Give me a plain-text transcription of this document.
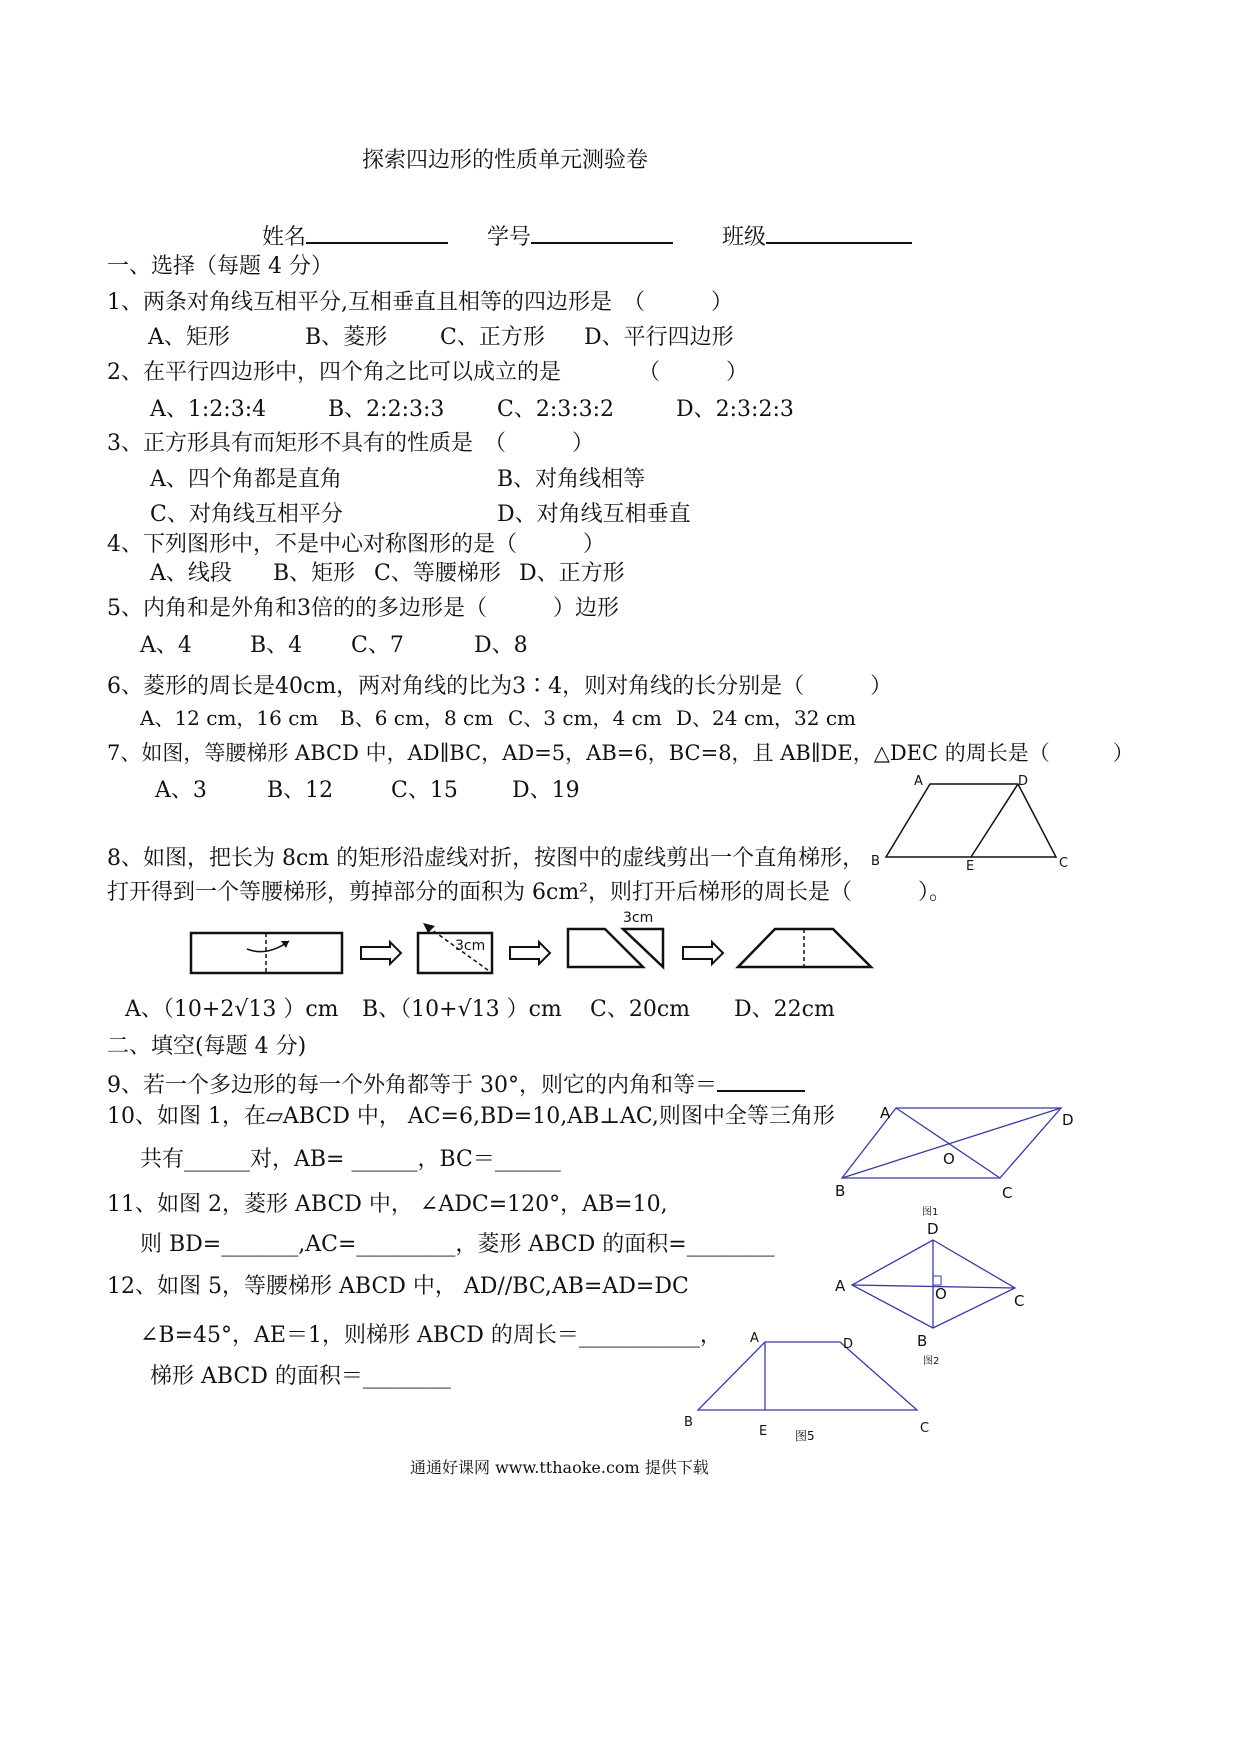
探索四边形的性质单元测验卷
姓名	学号	班级
一、选择（每题 4 分）
1、两条对角线互相平分,互相垂直且相等的四边形是　（　　　）
A、矩形	B、菱形 C、正方形 D、平行四边形
2、在平行四边形中，四个角之比可以成立的是　　　　（　　　）
A、1:2:3:4	B、2:2:3:3 C、2:3:3:2	D、2:3:2:3
3、正方形具有而矩形不具有的性质是　（　　　）
A、四个角都是直角	B、对角线相等
C、对角线互相平分	D、对角线互相垂直
4、下列图形中，不是中心对称图形的是（　　　）
A、线段 B、矩形 C、等腰梯形 D、正方形
5、内角和是外角和3倍的的多边形是（　　　）边形
A、4	B、4 C、7	D、8
6、菱形的周长是40cm，两对角线的比为3∶4，则对角线的长分别是（　　　）
A、12 cm，16 cm B、6 cm，8 cm C、3 cm，4 cm D、24 cm，32 cm
7、如图，等腰梯形 ABCD 中，AD∥BC，AD=5，AB=6，BC=8，且 AB∥DE，△DEC 的周长是（　　　）
A、3	B、12	C、15 D、19	A	D
B	E	C
8、如图，把长为 8cm 的矩形沿虚线对折，按图中的虚线剪出一个直角梯形，
打开得到一个等腰梯形，剪掉部分的面积为 6cm²，则打开后梯形的周长是（　　　）。
3cm
3cm
A、（10+2√13 ）cm B、（10+√13 ）cm C、20cm D、22cm
二、填空(每题 4 分)
9、若一个多边形的每一个外角都等于 30°，则它的内角和等＝
10、如图 1，在▱ABCD 中， AC=6,BD=10,AB⊥AC,则图中全等三角形
共有______对，AB= ______，BC＝______
A	D
B	C
O
图1
11、如图 2，菱形 ABCD 中， ∠ADC=120°，AB=10,
则 BD=_______,AC=_________，菱形 ABCD 的面积=________
D
A
C
B
O
图2
12、如图 5，等腰梯形 ABCD 中， AD//BC,AB=AD=DC
∠B=45°，AE＝1，则梯形 ABCD 的周长＝___________，
梯形 ABCD 的面积＝________
A	D
B	C
E 图5
通通好课网 www.tthaoke.com 提供下载
